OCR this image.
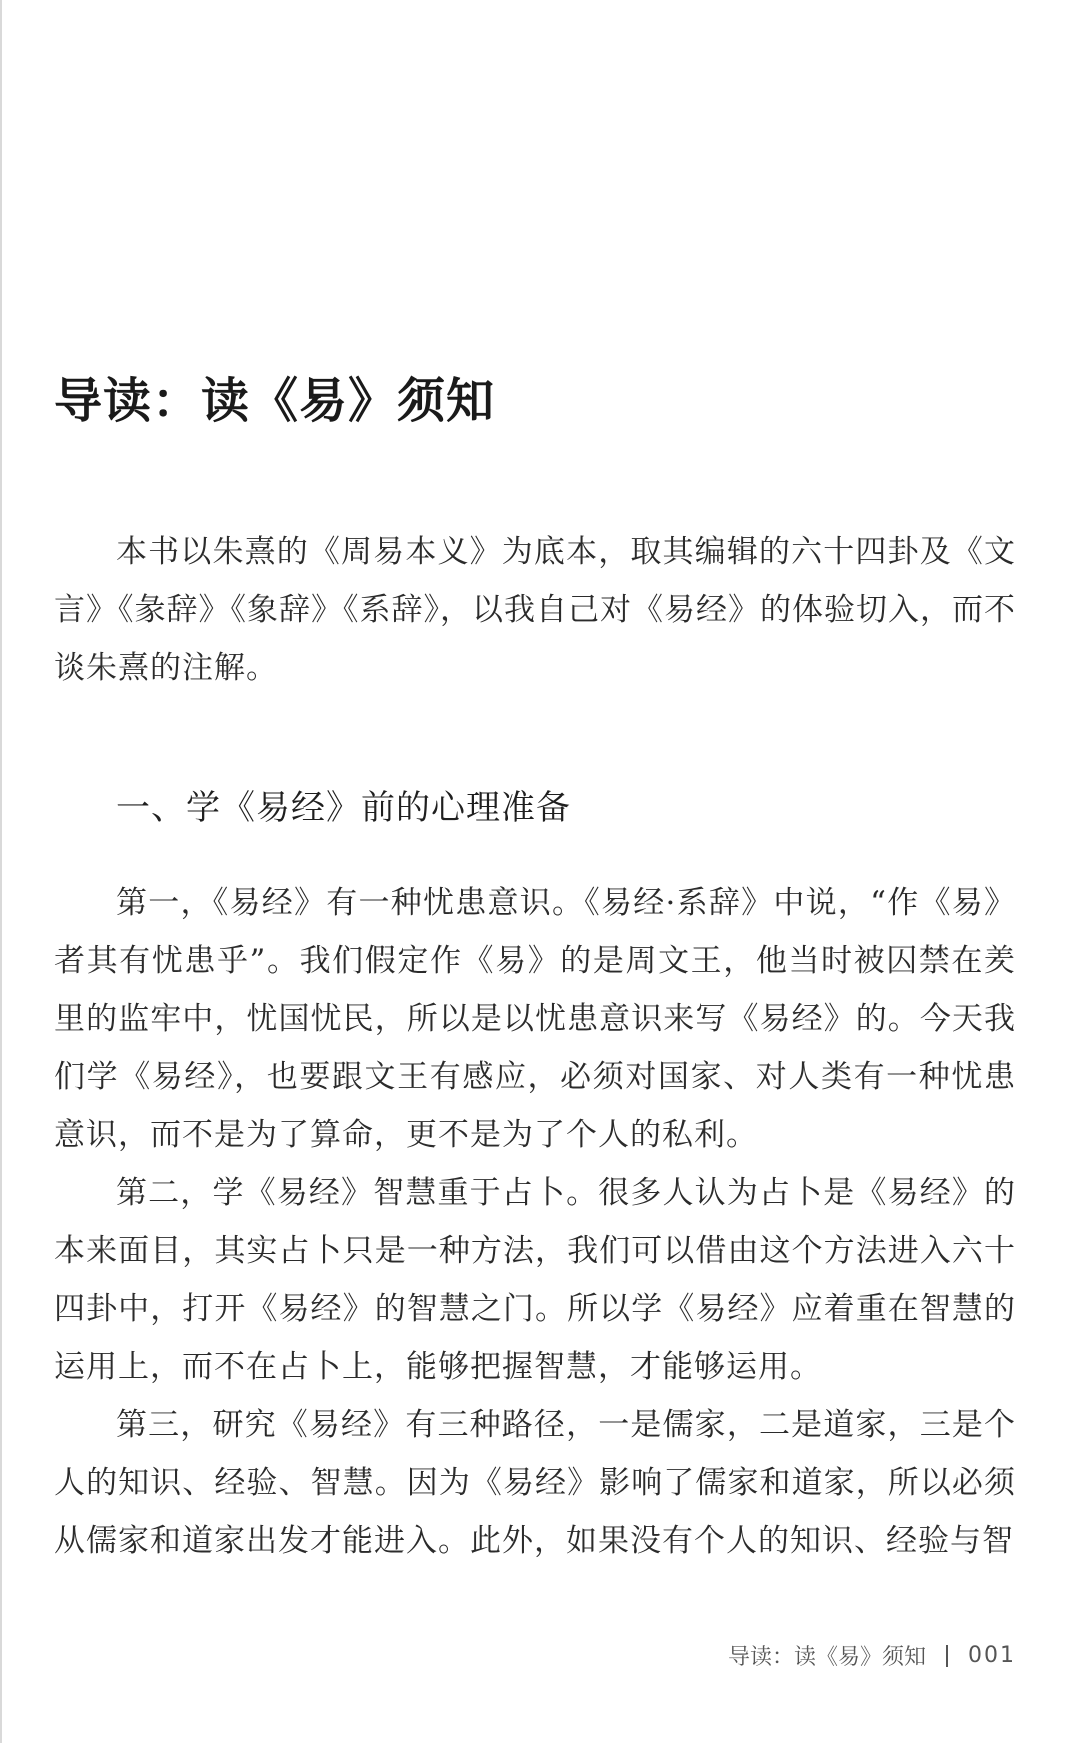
导读：读《易》须知

本书以朱熹的《周易本义》为底本，取其编辑的六十四卦及《文言》《彖辞》《象辞》《系辞》，以我自己对《易经》的体验切入，而不谈朱熹的注解。

一、学《易经》前的心理准备

第一，《易经》有一种忧患意识。《易经·系辞》中说，“作《易》者其有忧患乎”。我们假定作《易》的是周文王，他当时被囚禁在羑里的监牢中，忧国忧民，所以是以忧患意识来写《易经》的。今天我们学《易经》，也要跟文王有感应，必须对国家、对人类有一种忧患意识，而不是为了算命，更不是为了个人的私利。

第二，学《易经》智慧重于占卜。很多人认为占卜是《易经》的本来面目，其实占卜只是一种方法，我们可以借由这个方法进入六十四卦中，打开《易经》的智慧之门。所以学《易经》应着重在智慧的运用上，而不在占卜上，能够把握智慧，才能够运用。

第三，研究《易经》有三种路径，一是儒家，二是道家，三是个人的知识、经验、智慧。因为《易经》影响了儒家和道家，所以必须从儒家和道家出发才能进入。此外，如果没有个人的知识、经验与智

导读：读《易》须知 001
